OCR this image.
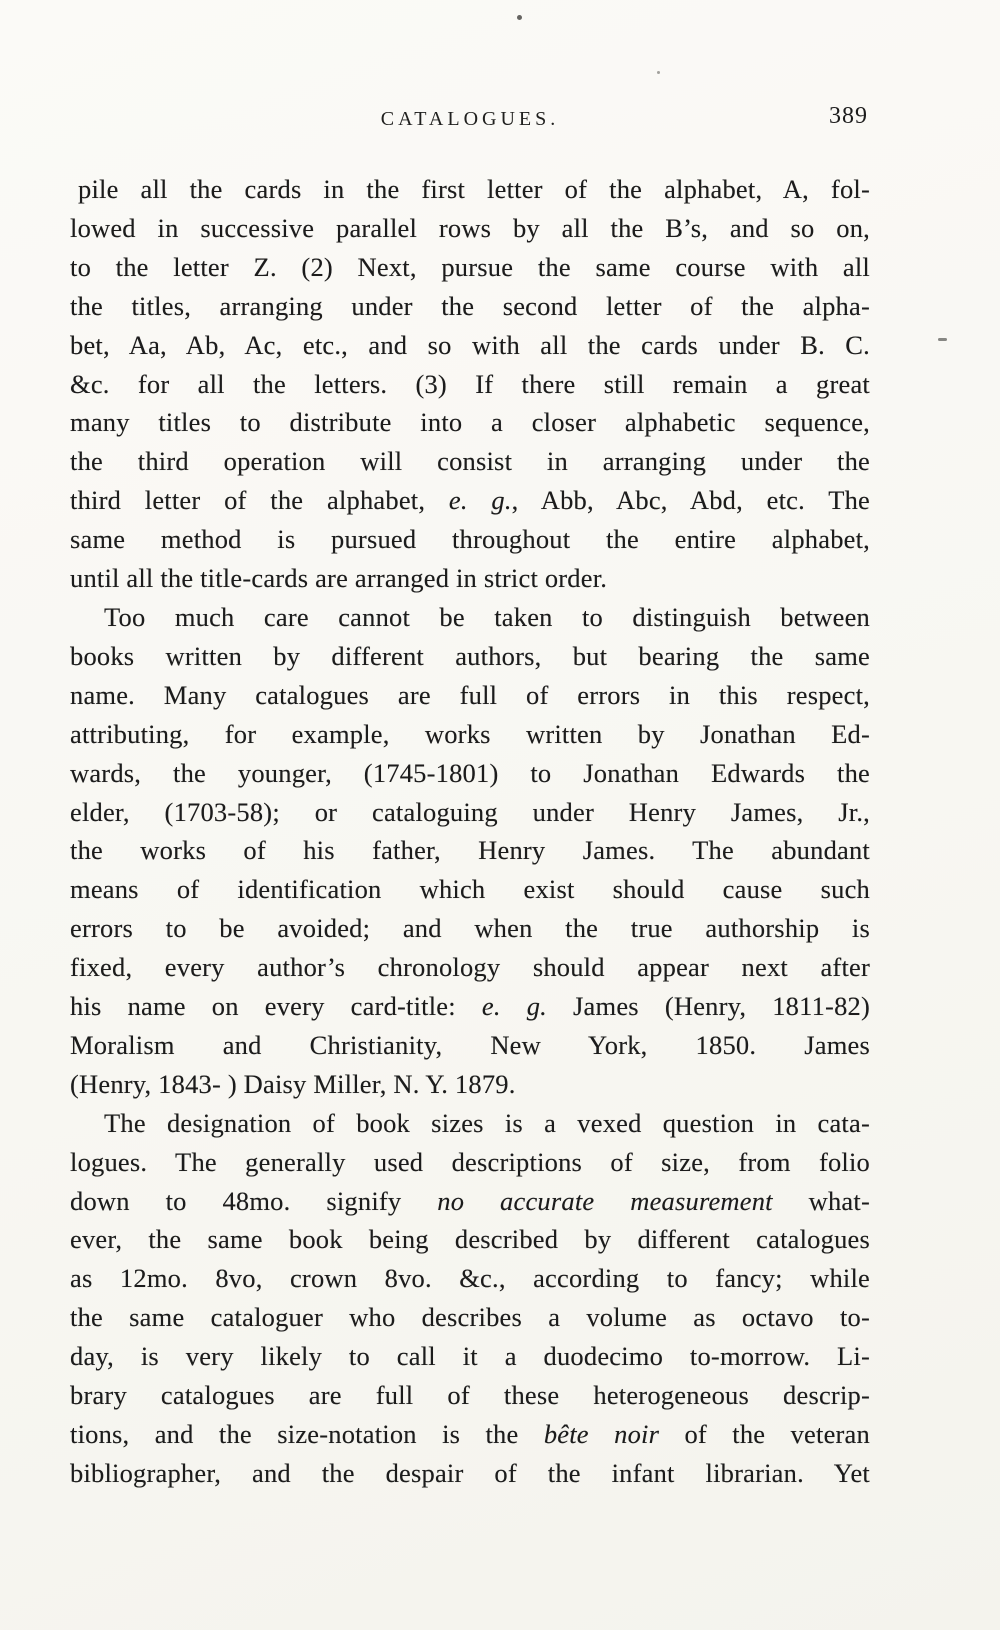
CATALOGUES.	389
pile all the cards in the first letter of the alphabet, A, fol-
lowed in successive parallel rows by all the B’s, and so on,
to the letter Z. (2) Next, pursue the same course with all
the titles, arranging under the second letter of the alpha-
bet, Aa, Ab, Ac, etc., and so with all the cards under B. C.
&c. for all the letters. (3) If there still remain a great
many titles to distribute into a closer alphabetic sequence,
the third operation will consist in arranging under the
third letter of the alphabet, e. g., Abb, Abc, Abd, etc. The
same method is pursued throughout the entire alphabet,
until all the title-cards are arranged in strict order.
Too much care cannot be taken to distinguish between
books written by different authors, but bearing the same
name. Many catalogues are full of errors in this respect,
attributing, for example, works written by Jonathan Ed-
wards, the younger, (1745-1801) to Jonathan Edwards the
elder, (1703-58); or cataloguing under Henry James, Jr.,
the works of his father, Henry James. The abundant
means of identification which exist should cause such
errors to be avoided; and when the true authorship is
fixed, every author’s chronology should appear next after
his name on every card-title: e. g. James (Henry, 1811-82)
Moralism and Christianity, New York, 1850. James
(Henry, 1843- ) Daisy Miller, N. Y. 1879.
The designation of book sizes is a vexed question in cata-
logues. The generally used descriptions of size, from folio
down to 48mo. signify no accurate measurement what-
ever, the same book being described by different catalogues
as 12mo. 8vo, crown 8vo. &c., according to fancy; while
the same cataloguer who describes a volume as octavo to-
day, is very likely to call it a duodecimo to-morrow. Li-
brary catalogues are full of these heterogeneous descrip-
tions, and the size-notation is the bête noir of the veteran
bibliographer, and the despair of the infant librarian. Yet
